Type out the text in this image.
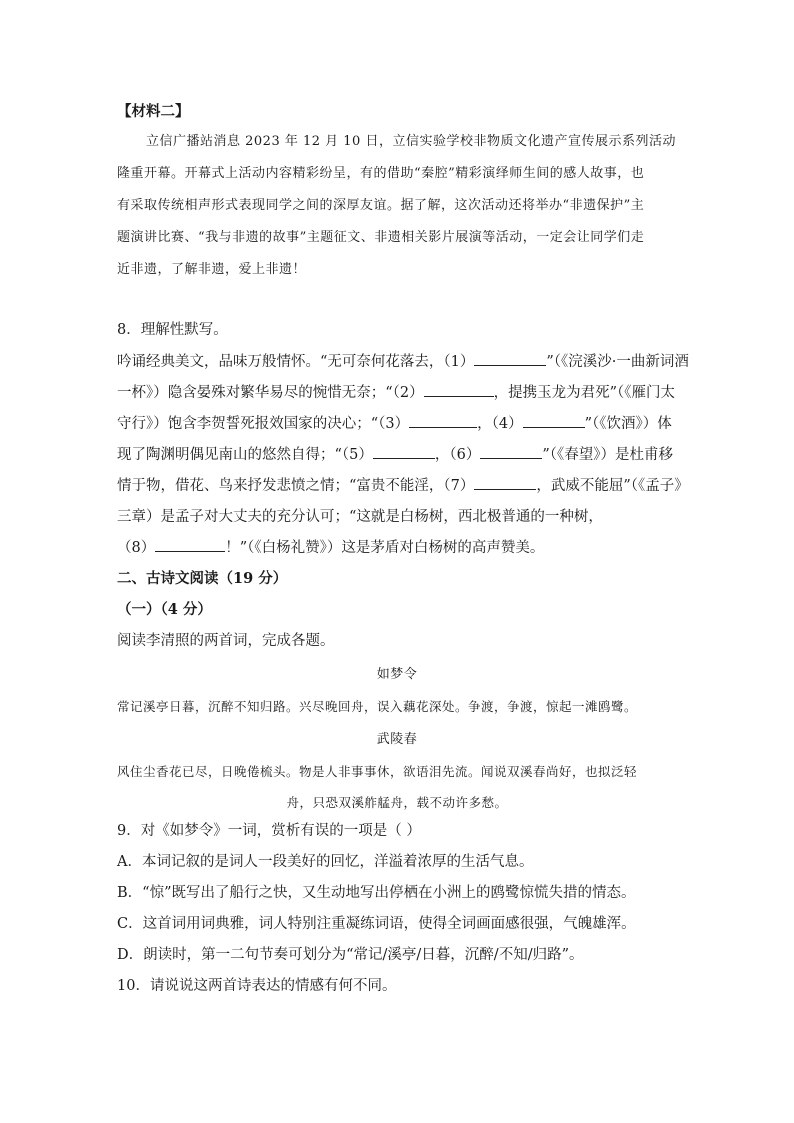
【材料二】
立信广播站消息 2023 年 12 月 10 日，立信实验学校非物质文化遗产宣传展示系列活动
隆重开幕。开幕式上活动内容精彩纷呈，有的借助“秦腔”精彩演绎师生间的感人故事，也
有采取传统相声形式表现同学之间的深厚友谊。据了解，这次活动还将举办“非遗保护”主
题演讲比赛、“我与非遗的故事”主题征文、非遗相关影片展演等活动，一定会让同学们走
近非遗，了解非遗，爱上非遗！
8．理解性默写。
吟诵经典美文，品味万般情怀。“无可奈何花落去，（1）	”（《浣溪沙·一曲新词酒
一杯》）隐含晏殊对繁华易尽的惋惜无奈；“（2）	，提携玉龙为君死”（《雁门太
守行》）饱含李贺誓死报效国家的决心；“（3）	，（4）	”（《饮酒》）体
现了陶渊明偶见南山的悠然自得；“（5）	，（6）	”（《春望》）是杜甫移
情于物，借花、鸟来抒发悲愤之情；“富贵不能淫，（7）	，武威不能屈”（《孟子》
三章）是孟子对大丈夫的充分认可；“这就是白杨树，西北极普通的一种树，
（8）	！”（《白杨礼赞》）这是茅盾对白杨树的高声赞美。
二、古诗文阅读（19 分）
（一）（4 分）
阅读李清照的两首词，完成各题。
如梦令
常记溪亭日暮，沉醉不知归路。兴尽晚回舟，误入藕花深处。争渡，争渡，惊起一滩鸥鹭。
武陵春
风住尘香花已尽，日晚倦梳头。物是人非事事休，欲语泪先流。闻说双溪春尚好，也拟泛轻
舟，只恐双溪舴艋舟，载不动许多愁。
9．对《如梦令》一词，赏析有误的一项是（ ）
A．本词记叙的是词人一段美好的回忆，洋溢着浓厚的生活气息。
B．“惊”既写出了船行之快，又生动地写出停栖在小洲上的鸥鹭惊慌失措的情态。
C．这首词用词典雅，词人特别注重凝练词语，使得全词画面感很强，气魄雄浑。
D．朗读时，第一二句节奏可划分为“常记/溪亭/日暮，沉醉/不知/归路”。
10．请说说这两首诗表达的情感有何不同。
